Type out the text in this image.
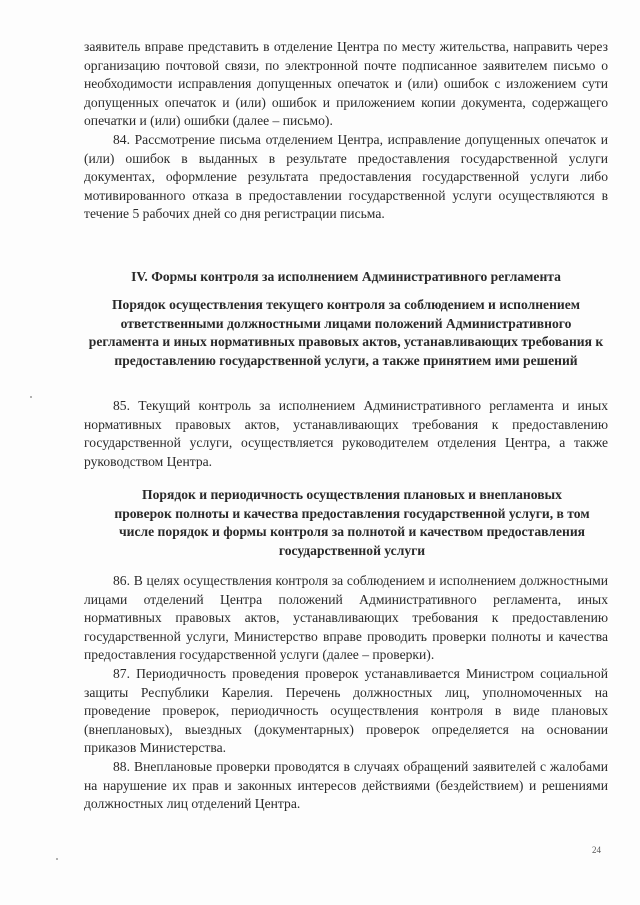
заявитель вправе представить в отделение Центра по месту жительства, направить через организацию почтовой связи, по электронной почте подписанное заявителем письмо о необходимости исправления допущенных опечаток и (или) ошибок с изложением сути допущенных опечаток и (или) ошибок и приложением копии документа, содержащего опечатки и (или) ошибки (далее – письмо).

84. Рассмотрение письма отделением Центра, исправление допущенных опечаток и (или) ошибок в выданных в результате предоставления государственной услуги документах, оформление результата предоставления государственной услуги либо мотивированного отказа в предоставлении государственной услуги осуществляются в течение 5 рабочих дней со дня регистрации письма.

IV. Формы контроля за исполнением Административного регламента

Порядок осуществления текущего контроля за соблюдением и исполнением ответственными должностными лицами положений Административного регламента и иных нормативных правовых актов, устанавливающих требования к предоставлению государственной услуги, а также принятием ими решений

85. Текущий контроль за исполнением Административного регламента и иных нормативных правовых актов, устанавливающих требования к предоставлению государственной услуги, осуществляется руководителем отделения Центра, а также руководством Центра.

Порядок и периодичность осуществления плановых и внеплановых проверок полноты и качества предоставления государственной услуги, в том числе порядок и формы контроля за полнотой и качеством предоставления государственной услуги

86. В целях осуществления контроля за соблюдением и исполнением должностными лицами отделений Центра положений Административного регламента, иных нормативных правовых актов, устанавливающих требования к предоставлению государственной услуги, Министерство вправе проводить проверки полноты и качества предоставления государственной услуги (далее – проверки).

87. Периодичность проведения проверок устанавливается Министром социальной защиты Республики Карелия. Перечень должностных лиц, уполномоченных на проведение проверок, периодичность осуществления контроля в виде плановых (внеплановых), выездных (документарных) проверок определяется на основании приказов Министерства.

88. Внеплановые проверки проводятся в случаях обращений заявителей с жалобами на нарушение их прав и законных интересов действиями (бездействием) и решениями должностных лиц отделений Центра.

24
